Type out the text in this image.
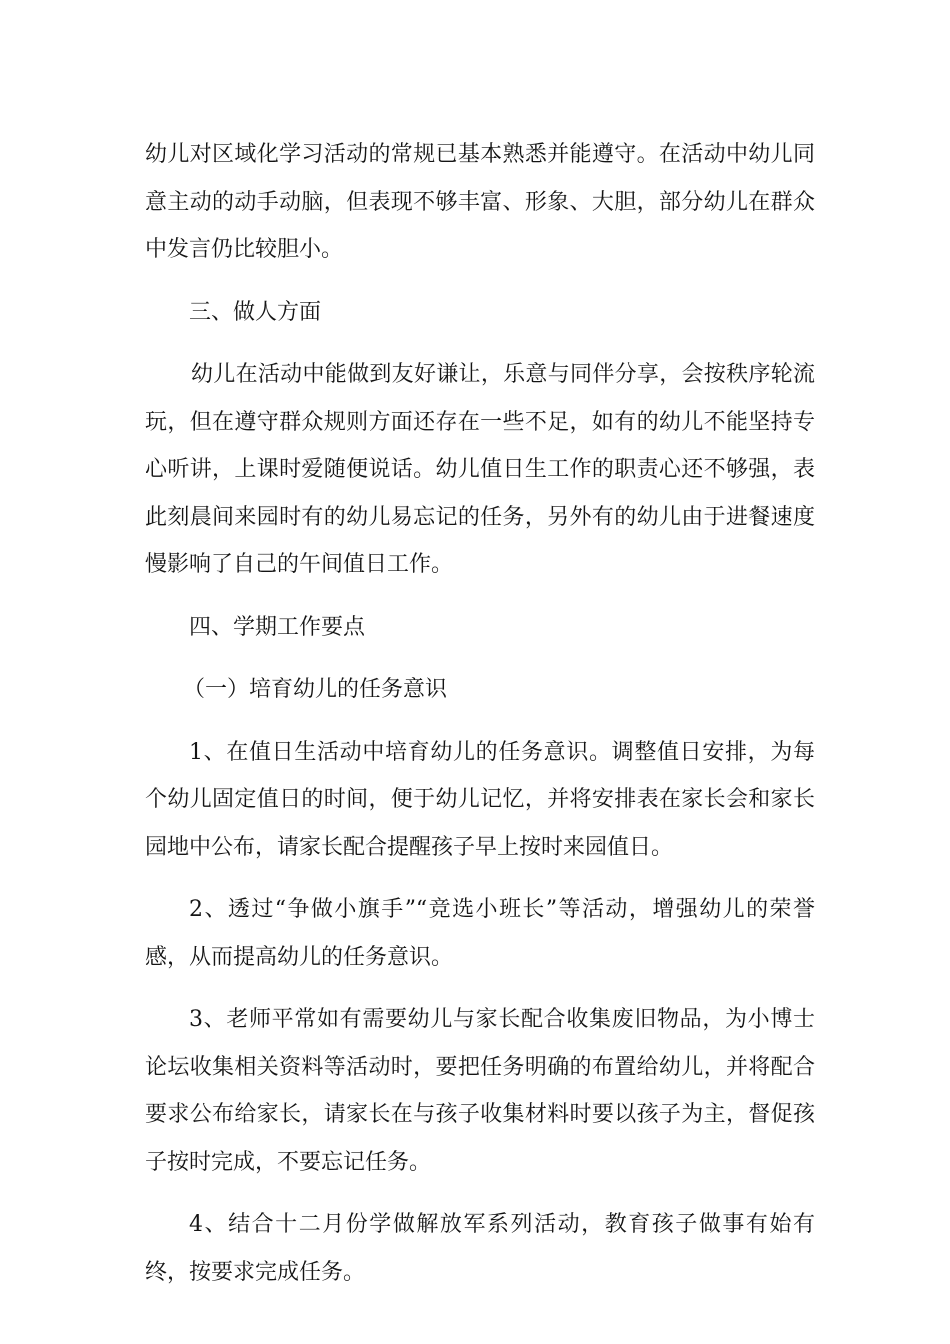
幼儿对区域化学习活动的常规已基本熟悉并能遵守。在活动中幼儿同意主动的动手动脑，但表现不够丰富、形象、大胆，部分幼儿在群众中发言仍比较胆小。

三、做人方面

幼儿在活动中能做到友好谦让，乐意与同伴分享，会按秩序轮流玩，但在遵守群众规则方面还存在一些不足，如有的幼儿不能坚持专心听讲，上课时爱随便说话。幼儿值日生工作的职责心还不够强，表此刻晨间来园时有的幼儿易忘记的任务，另外有的幼儿由于进餐速度慢影响了自己的午间值日工作。

四、学期工作要点

（一）培育幼儿的任务意识

1、在值日生活动中培育幼儿的任务意识。调整值日安排，为每个幼儿固定值日的时间，便于幼儿记忆，并将安排表在家长会和家长园地中公布，请家长配合提醒孩子早上按时来园值日。

2、透过“争做小旗手”“竞选小班长”等活动，增强幼儿的荣誉感，从而提高幼儿的任务意识。

3、老师平常如有需要幼儿与家长配合收集废旧物品，为小博士论坛收集相关资料等活动时，要把任务明确的布置给幼儿，并将配合要求公布给家长，请家长在与孩子收集材料时要以孩子为主，督促孩子按时完成，不要忘记任务。

4、结合十二月份学做解放军系列活动，教育孩子做事有始有终，按要求完成任务。
